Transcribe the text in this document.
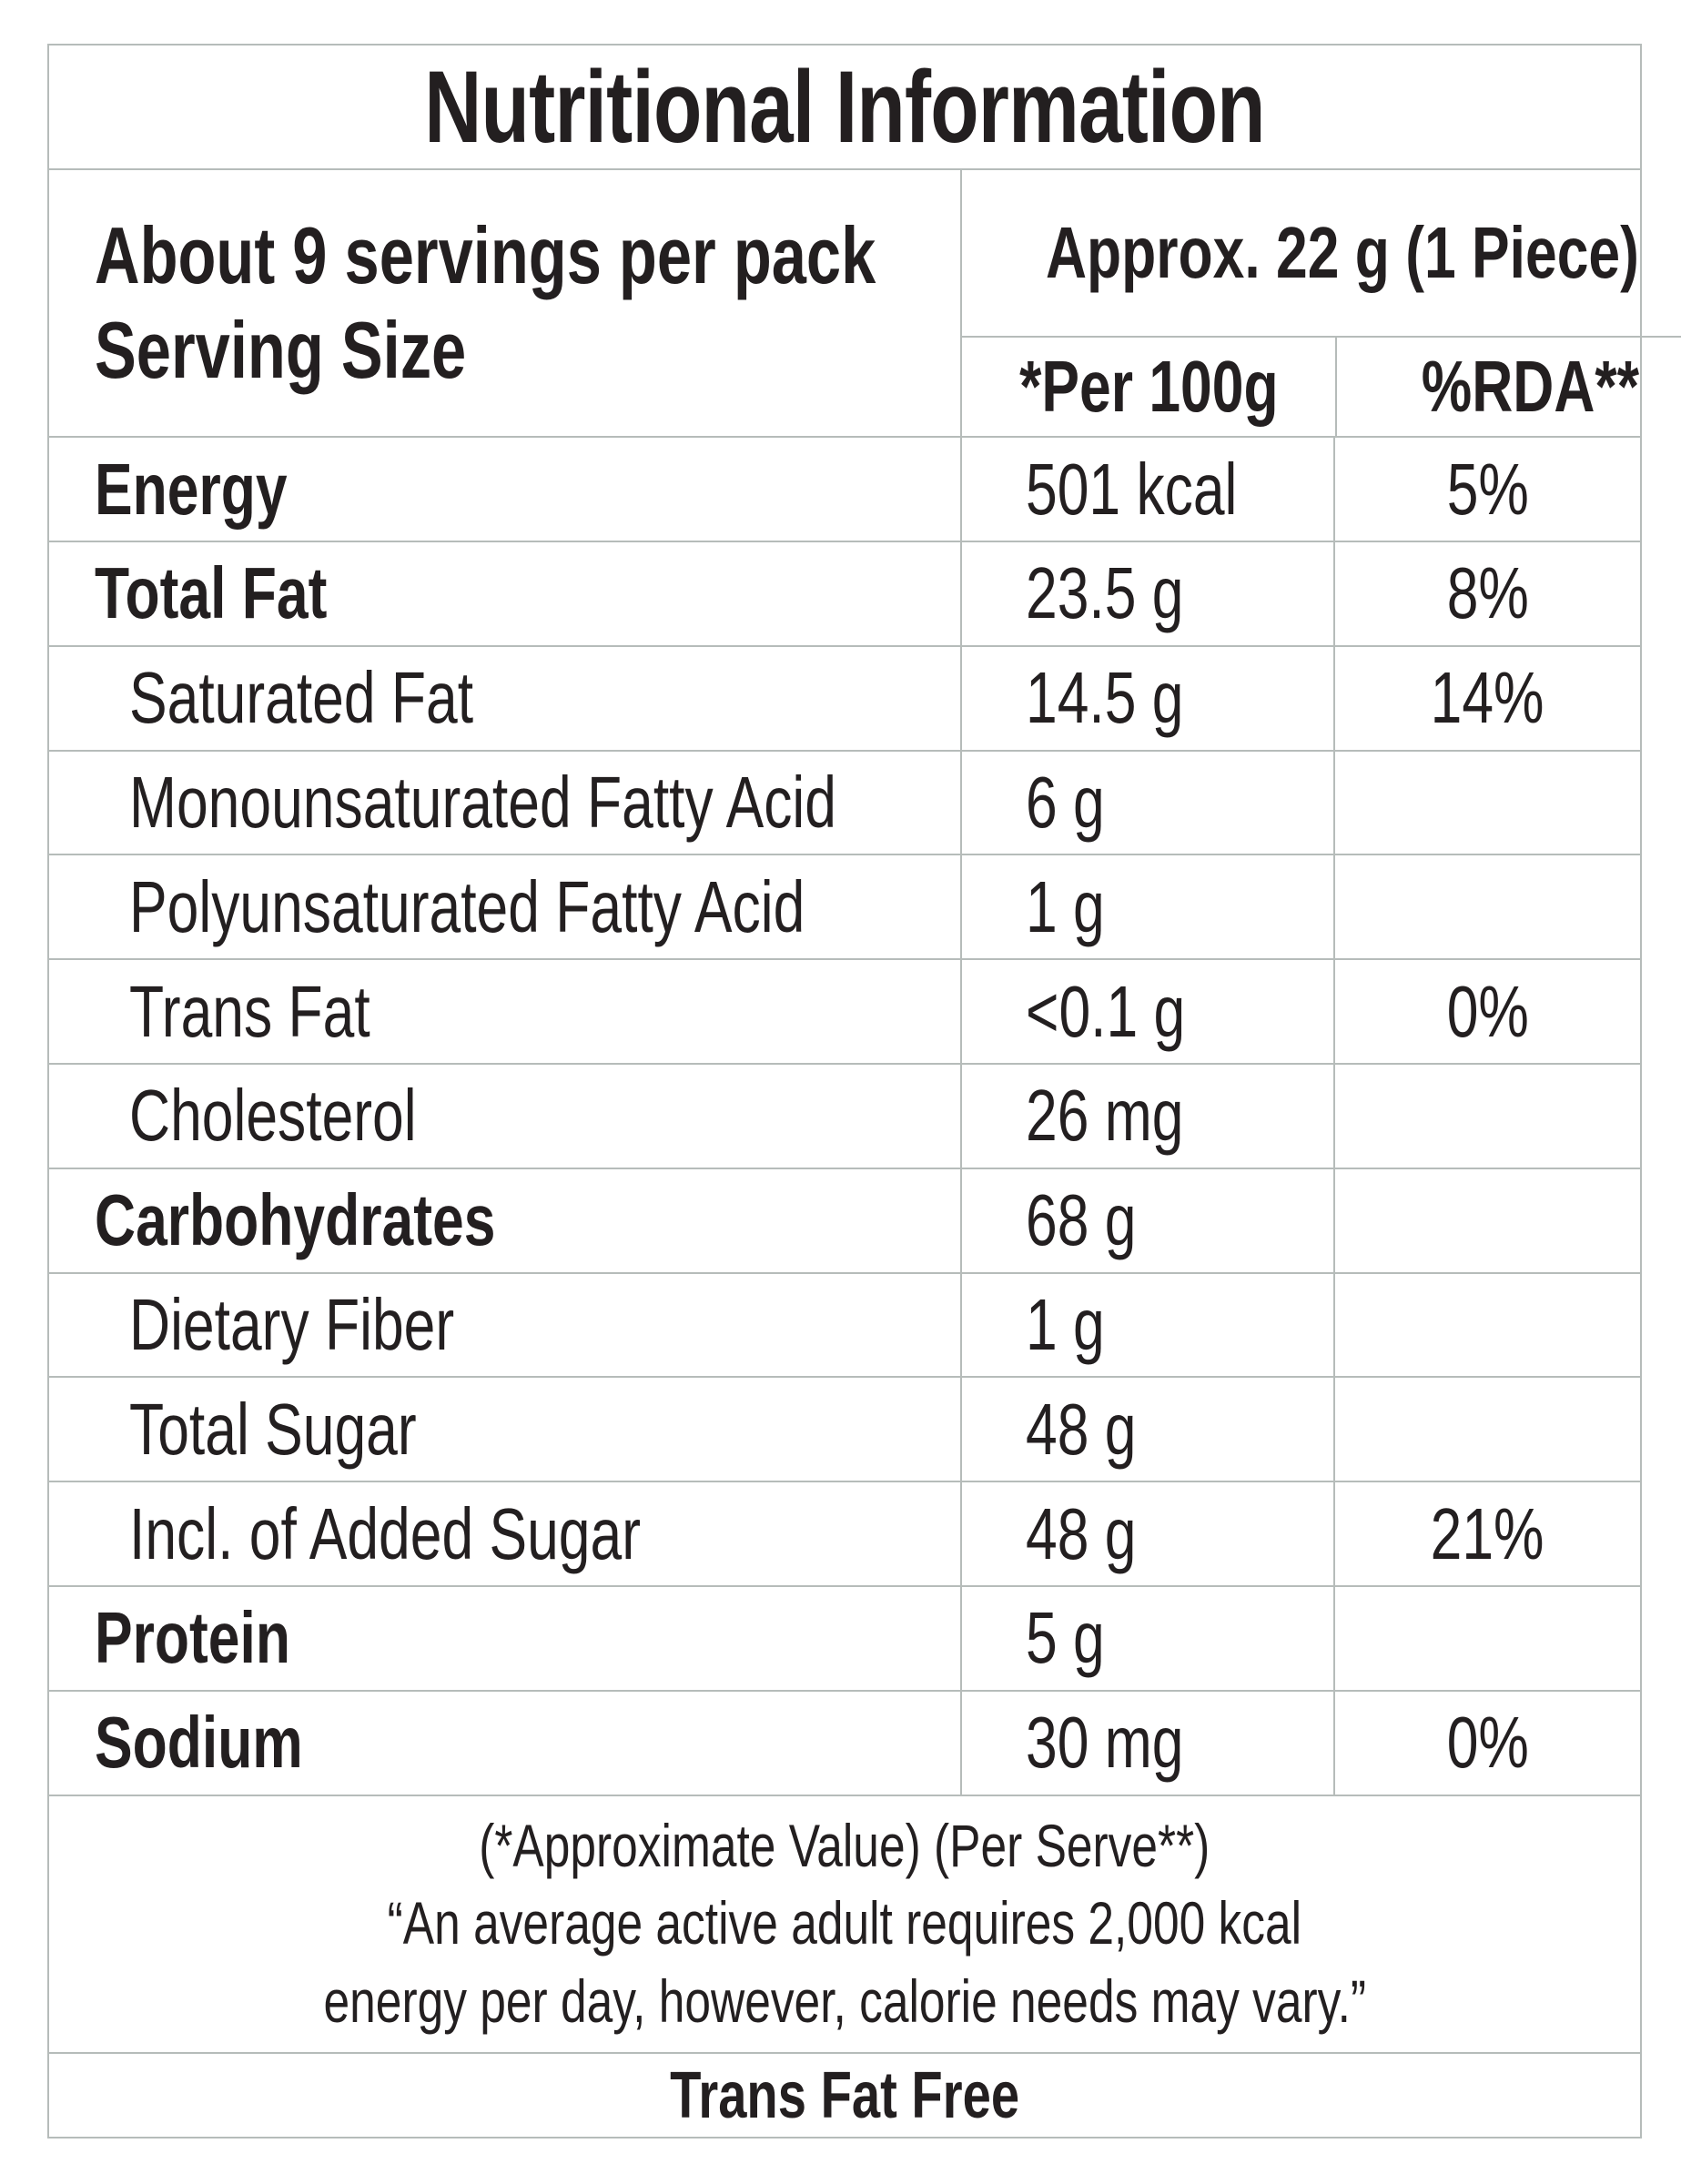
Nutritional Information
About 9 servings per pack
Serving Size
Approx. 22 g (1 Piece)
*Per 100g %RDA**
Energy	501 kcal	5%
Total Fat	23.5 g	8%
Saturated Fat	14.5 g	14%
Monounsaturated Fatty Acid	6 g
Polyunsaturated Fatty Acid	1 g
Trans Fat	<0.1 g	0%
Cholesterol	26 mg
Carbohydrates	68 g
Dietary Fiber	1 g
Total Sugar	48 g
Incl. of Added Sugar	48 g	21%
Protein	5 g
Sodium	30 mg	0%
(*Approximate Value) (Per Serve**)
“An average active adult requires 2,000 kcal
energy per day, however, calorie needs may vary.”
Trans Fat Free
